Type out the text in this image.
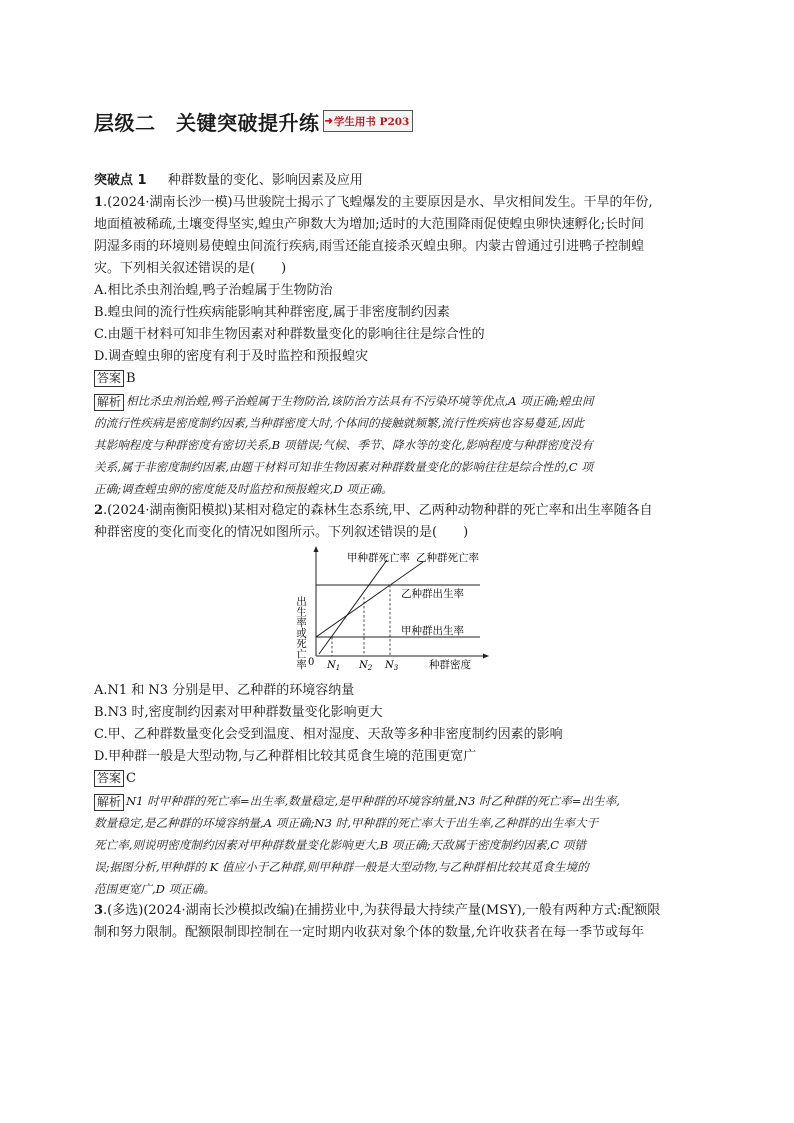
层级二　关键突破提升练 ➜ 学生用书 P203
突破点 1 　 种群数量的变化、影响因素及应用
1.(2024·湖南长沙一模)马世骏院士揭示了飞蝗爆发的主要原因是水、旱灾相间发生。干旱的年份,
地面植被稀疏,土壤变得坚实,蝗虫产卵数大为增加;适时的大范围降雨促使蝗虫卵快速孵化;长时间
阴湿多雨的环境则易使蝗虫间流行疾病,雨雪还能直接杀灭蝗虫卵。内蒙古曾通过引进鸭子控制蝗
灾。下列相关叙述错误的是(　　)
A.相比杀虫剂治蝗,鸭子治蝗属于生物防治
B.蝗虫间的流行性疾病能影响其种群密度,属于非密度制约因素
C.由题干材料可知非生物因素对种群数量变化的影响往往是综合性的
D.调查蝗虫卵的密度有利于及时监控和预报蝗灾
答案 B
解析 相比杀虫剂治蝗,鸭子治蝗属于生物防治,该防治方法具有不污染环境等优点,A 项正确;蝗虫间
的流行性疾病是密度制约因素,当种群密度大时,个体间的接触就频繁,流行性疾病也容易蔓延,因此
其影响程度与种群密度有密切关系,B 项错误;气候、季节、降水等的变化,影响程度与种群密度没有
关系,属于非密度制约因素,由题干材料可知非生物因素对种群数量变化的影响往往是综合性的,C 项
正确;调查蝗虫卵的密度能及时监控和预报蝗灾,D 项正确。
2.(2024·湖南衡阳模拟)某相对稳定的森林生态系统,甲、乙两种动物种群的死亡率和出生率随各自
种群密度的变化而变化的情况如图所示。下列叙述错误的是(　　)
出生率或死亡率 0 $N_1$ $N_2$ $N_3$	种群密度
甲种群死亡率 乙种群死亡率
乙种群出生率
甲种群出生率
A.N1 和 N3 分别是甲、乙种群的环境容纳量
B.N3 时,密度制约因素对甲种群数量变化影响更大
C.甲、乙种群数量变化会受到温度、相对湿度、天敌等多种非密度制约因素的影响
D.甲种群一般是大型动物,与乙种群相比较其觅食生境的范围更宽广
答案 C
解析 N1 时甲种群的死亡率=出生率,数量稳定,是甲种群的环境容纳量,N3 时乙种群的死亡率=出生率,
数量稳定,是乙种群的环境容纳量,A 项正确;N3 时,甲种群的死亡率大于出生率,乙种群的出生率大于
死亡率,则说明密度制约因素对甲种群数量变化影响更大,B 项正确;天敌属于密度制约因素,C 项错
误;据图分析,甲种群的 K 值应小于乙种群,则甲种群一般是大型动物,与乙种群相比较其觅食生境的
范围更宽广,D 项正确。
3.(多选)(2024·湖南长沙模拟改编)在捕捞业中,为获得最大持续产量(MSY),一般有两种方式:配额限
制和努力限制。配额限制即控制在一定时期内收获对象个体的数量,允许收获者在每一季节或每年
